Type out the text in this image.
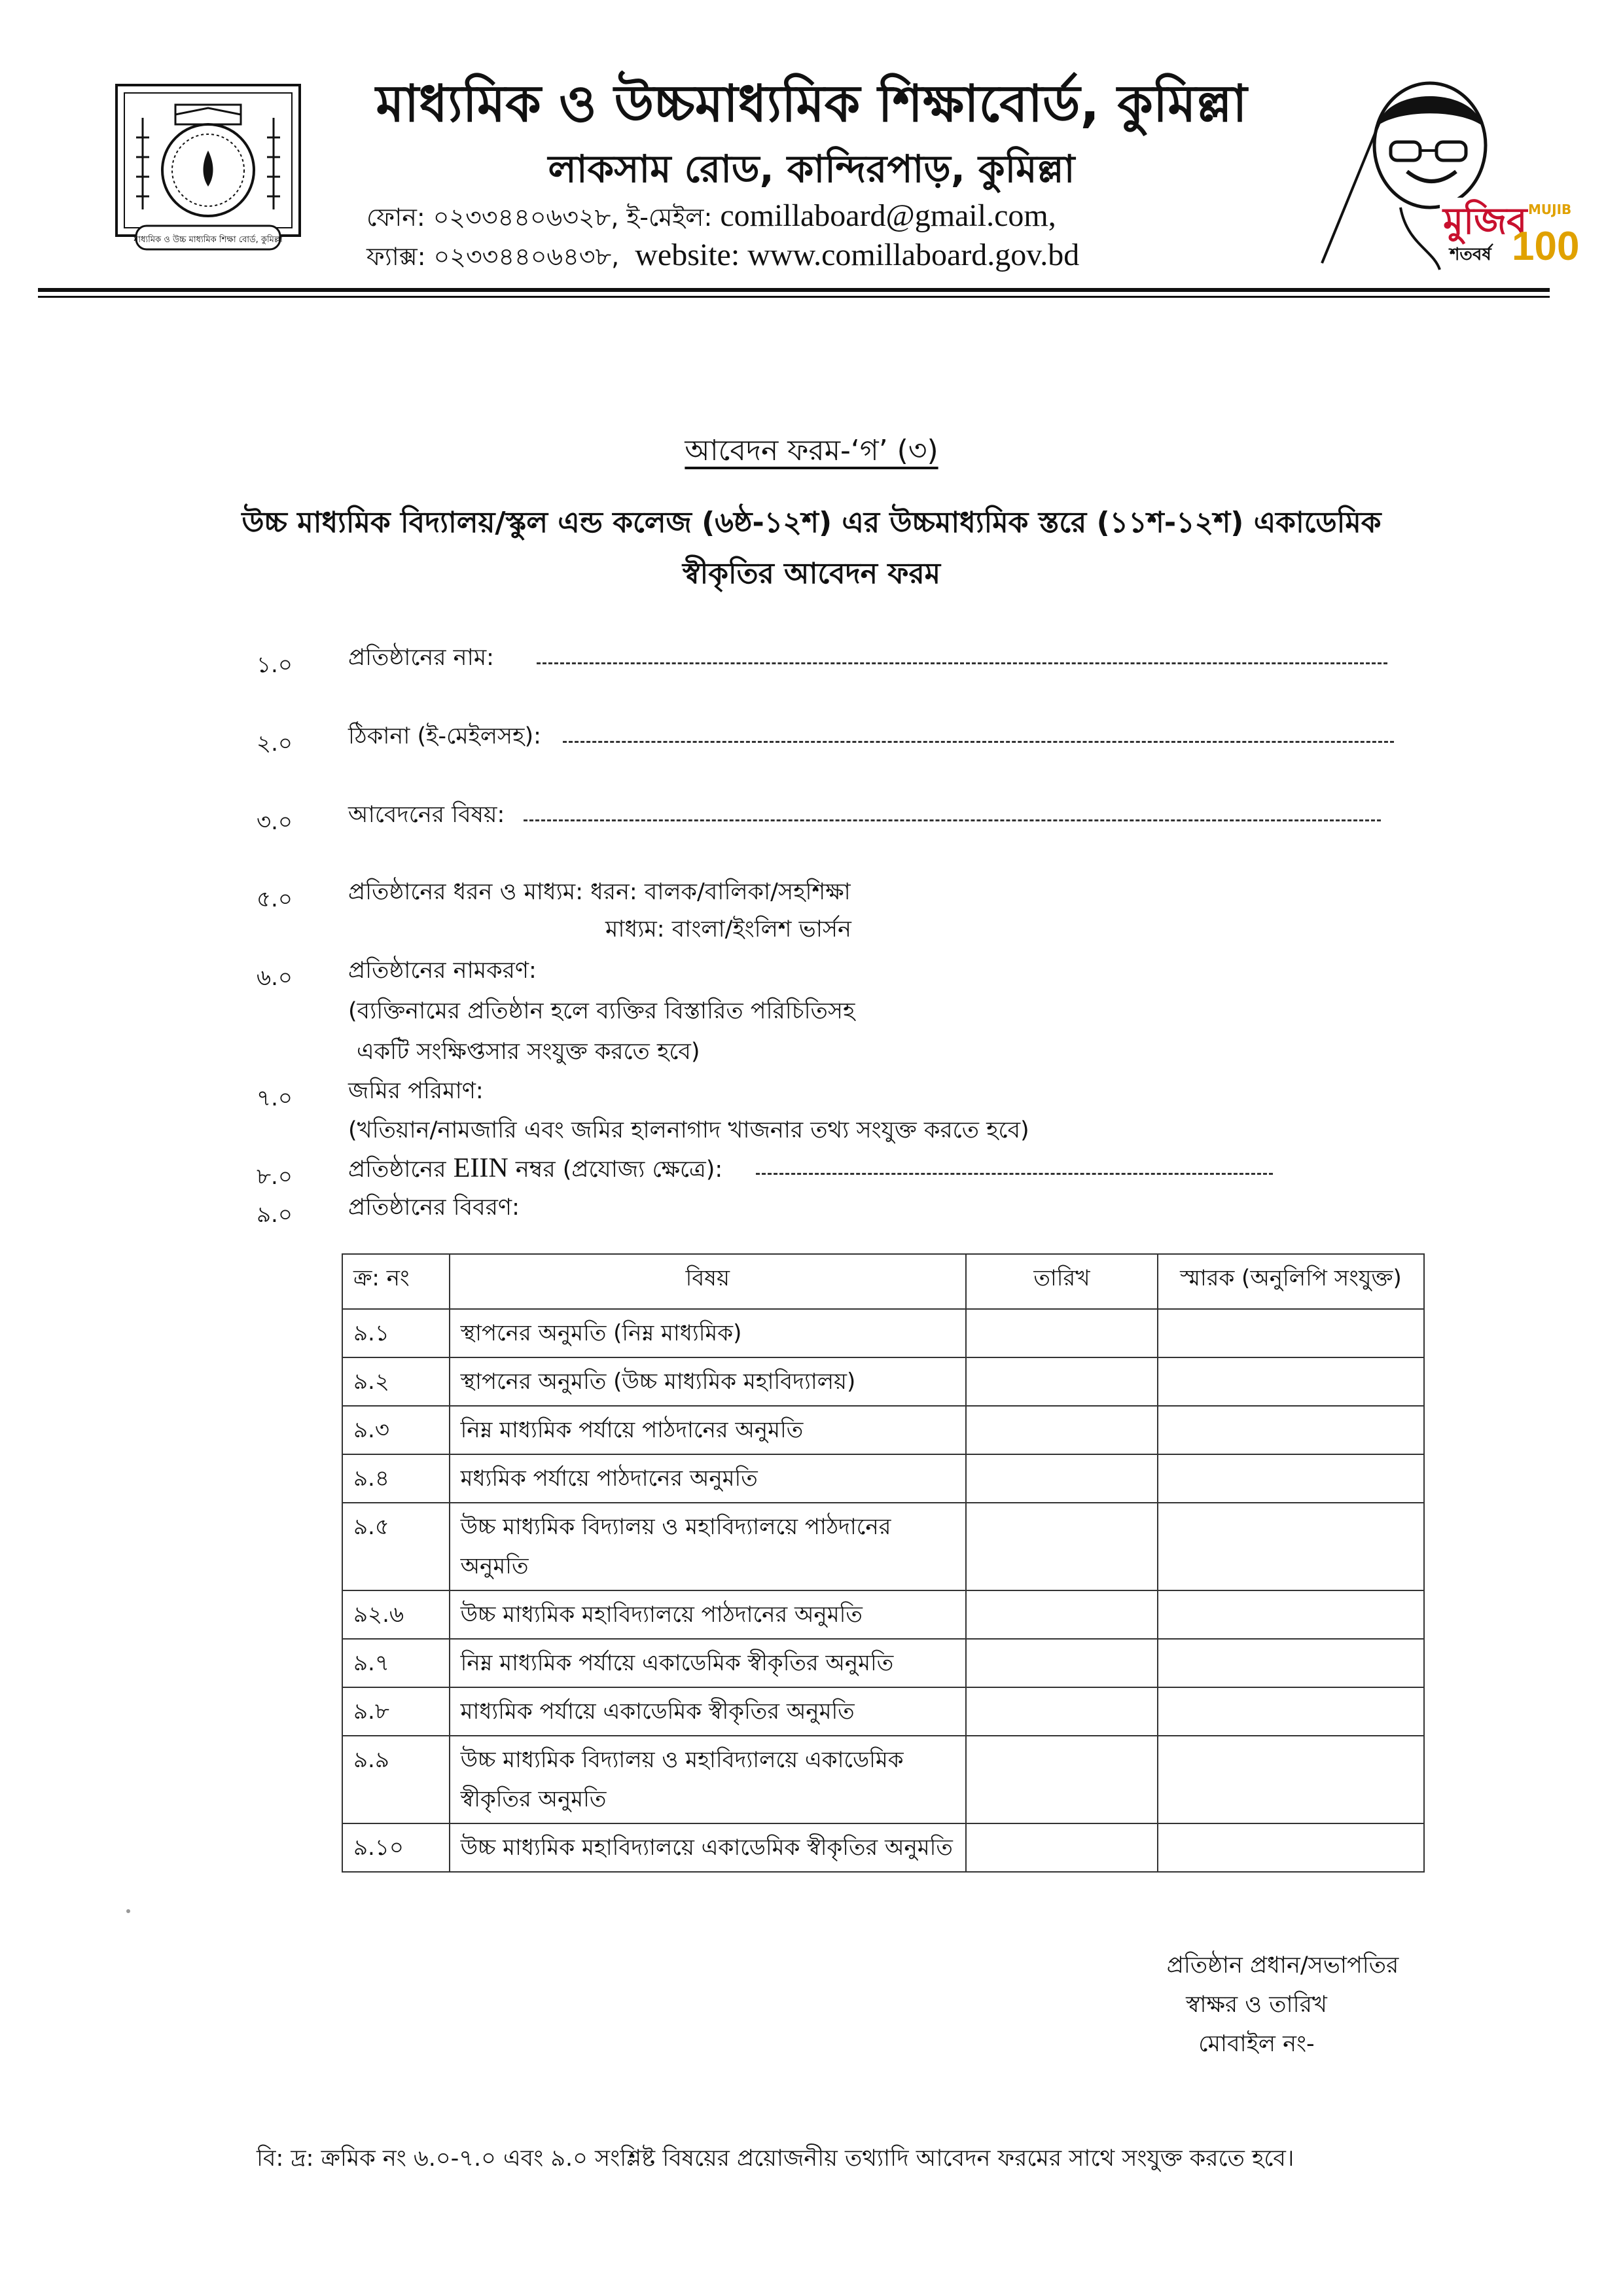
মাধ্যমিক ও উচ্চ মাধ্যমিক শিক্ষা বোর্ড, কুমিল্লা
মাধ্যমিক ও উচ্চমাধ্যমিক শিক্ষাবোর্ড, কুমিল্লা
লাকসাম রোড, কান্দিরপাড়, কুমিল্লা
ফোন: ০২৩৩৪৪০৬৩২৮, ই-মেইল: comillaboard@gmail.com,
ফ্যাক্স: ০২৩৩৪৪০৬৪৩৮, website: www.comillaboard.gov.bd
মুজিব
শতবর্ষ
MUJIB
100
আবেদন ফরম-‘গ’ (৩)
উচ্চ মাধ্যমিক বিদ্যালয়/স্কুল এন্ড কলেজ (৬ষ্ঠ-১২শ) এর উচ্চমাধ্যমিক স্তরে (১১শ-১২শ) একাডেমিক
স্বীকৃতির আবেদন ফরম
১.০ প্রতিষ্ঠানের নাম:
২.০ ঠিকানা (ই-মেইলসহ):
৩.০ আবেদনের বিষয়:
৫.০ প্রতিষ্ঠানের ধরন ও মাধ্যম: ধরন: বালক/বালিকা/সহশিক্ষা
মাধ্যম: বাংলা/ইংলিশ ভার্সন
৬.০ প্রতিষ্ঠানের নামকরণ:
(ব্যক্তিনামের প্রতিষ্ঠান হলে ব্যক্তির বিস্তারিত পরিচিতিসহ
একটি সংক্ষিপ্তসার সংযুক্ত করতে হবে)
৭.০ জমির পরিমাণ:
(খতিয়ান/নামজারি এবং জমির হালনাগাদ খাজনার তথ্য সংযুক্ত করতে হবে)
৮.০ প্রতিষ্ঠানের EIIN নম্বর (প্রযোজ্য ক্ষেত্রে):
৯.০ প্রতিষ্ঠানের বিবরণ:
ক্র: নং	বিষয়	তারিখ	স্মারক (অনুলিপি সংযুক্ত)
৯.১	স্থাপনের অনুমতি (নিম্ন মাধ্যমিক)		
৯.২	স্থাপনের অনুমতি (উচ্চ মাধ্যমিক মহাবিদ্যালয়)		
৯.৩	নিম্ন মাধ্যমিক পর্যায়ে পাঠদানের অনুমতি		
৯.৪	মধ্যমিক পর্যায়ে পাঠদানের অনুমতি		
৯.৫	উচ্চ মাধ্যমিক বিদ্যালয় ও মহাবিদ্যালয়ে পাঠদানের অনুমতি		
৯২.৬	উচ্চ মাধ্যমিক মহাবিদ্যালয়ে পাঠদানের অনুমতি		
৯.৭	নিম্ন মাধ্যমিক পর্যায়ে একাডেমিক স্বীকৃতির অনুমতি		
৯.৮	মাধ্যমিক পর্যায়ে একাডেমিক স্বীকৃতির অনুমতি		
৯.৯	উচ্চ মাধ্যমিক বিদ্যালয় ও মহাবিদ্যালয়ে একাডেমিক স্বীকৃতির অনুমতি		
৯.১০	উচ্চ মাধ্যমিক মহাবিদ্যালয়ে একাডেমিক স্বীকৃতির অনুমতি		
প্রতিষ্ঠান প্রধান/সভাপতির
স্বাক্ষর ও তারিখ
মোবাইল নং-
বি: দ্র: ক্রমিক নং ৬.০-৭.০ এবং ৯.০ সংশ্লিষ্ট বিষয়ের প্রয়োজনীয় তথ্যাদি আবেদন ফরমের সাথে সংযুক্ত করতে হবে।
